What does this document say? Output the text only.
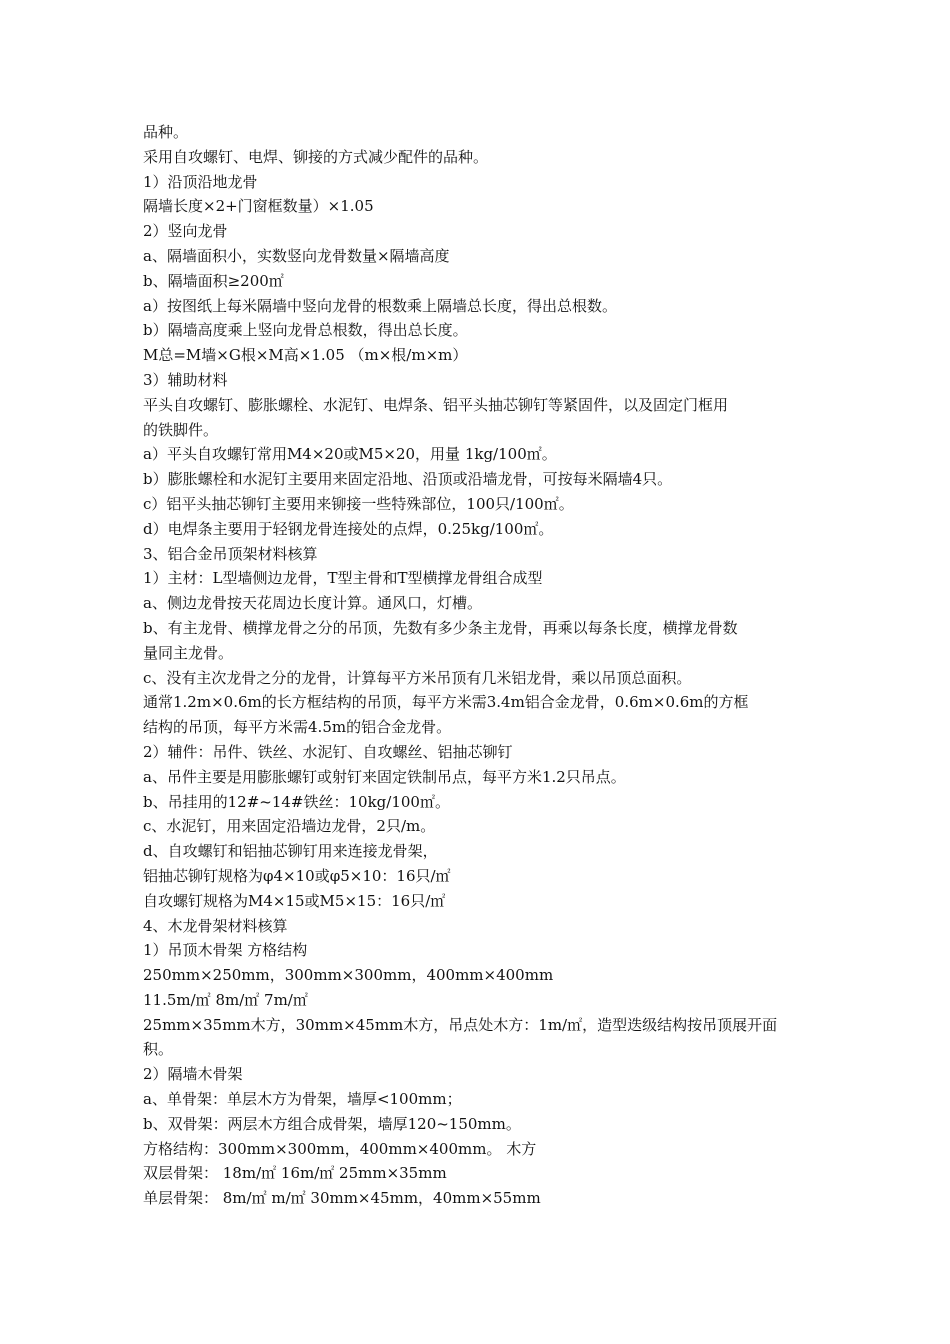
品种。
采用自攻螺钉、电焊、铆接的方式减少配件的品种。
1）沿顶沿地龙骨
隔墙长度×2+门窗框数量）×1.05
2）竖向龙骨
a、隔墙面积小，实数竖向龙骨数量×隔墙高度
b、隔墙面积≥200㎡
a）按图纸上每米隔墙中竖向龙骨的根数乘上隔墙总长度，得出总根数。
b）隔墙高度乘上竖向龙骨总根数，得出总长度。
M总=M墙×G根×M高×1.05 （m×根/m×m）
3）辅助材料
平头自攻螺钉、膨胀螺栓、水泥钉、电焊条、铝平头抽芯铆钉等紧固件，以及固定门框用
的铁脚件。
a）平头自攻螺钉常用M4×20或M5×20，用量 1kg/100㎡。
b）膨胀螺栓和水泥钉主要用来固定沿地、沿顶或沿墙龙骨，可按每米隔墙4只。
c）铝平头抽芯铆钉主要用来铆接一些特殊部位，100只/100㎡。
d）电焊条主要用于轻钢龙骨连接处的点焊，0.25kg/100㎡。
3、铝合金吊顶架材料核算
1）主材：L型墙侧边龙骨，T型主骨和T型横撑龙骨组合成型
a、侧边龙骨按天花周边长度计算。通风口，灯槽。
b、有主龙骨、横撑龙骨之分的吊顶，先数有多少条主龙骨，再乘以每条长度，横撑龙骨数
量同主龙骨。
c、没有主次龙骨之分的龙骨，计算每平方米吊顶有几米铝龙骨，乘以吊顶总面积。
通常1.2m×0.6m的长方框结构的吊顶，每平方米需3.4m铝合金龙骨，0.6m×0.6m的方框
结构的吊顶，每平方米需4.5m的铝合金龙骨。
2）辅件：吊件、铁丝、水泥钉、自攻螺丝、铝抽芯铆钉
a、吊件主要是用膨胀螺钉或射钉来固定铁制吊点，每平方米1.2只吊点。
b、吊挂用的12#~14#铁丝：10kg/100㎡。
c、水泥钉，用来固定沿墙边龙骨，2只/m。
d、自攻螺钉和铝抽芯铆钉用来连接龙骨架，
铝抽芯铆钉规格为φ4×10或φ5×10：16只/㎡
自攻螺钉规格为M4×15或M5×15：16只/㎡
4、木龙骨架材料核算
1）吊顶木骨架 方格结构
250mm×250mm，300mm×300mm，400mm×400mm
11.5m/㎡ 8m/㎡ 7m/㎡
25mm×35mm木方，30mm×45mm木方，吊点处木方：1m/㎡，造型迭级结构按吊顶展开面
积。
2）隔墙木骨架
a、单骨架：单层木方为骨架，墙厚<100mm；
b、双骨架：两层木方组合成骨架，墙厚120~150mm。
方格结构：300mm×300mm，400mm×400mm。 木方
双层骨架： 18m/㎡ 16m/㎡ 25mm×35mm
单层骨架： 8m/㎡ m/㎡ 30mm×45mm，40mm×55mm
